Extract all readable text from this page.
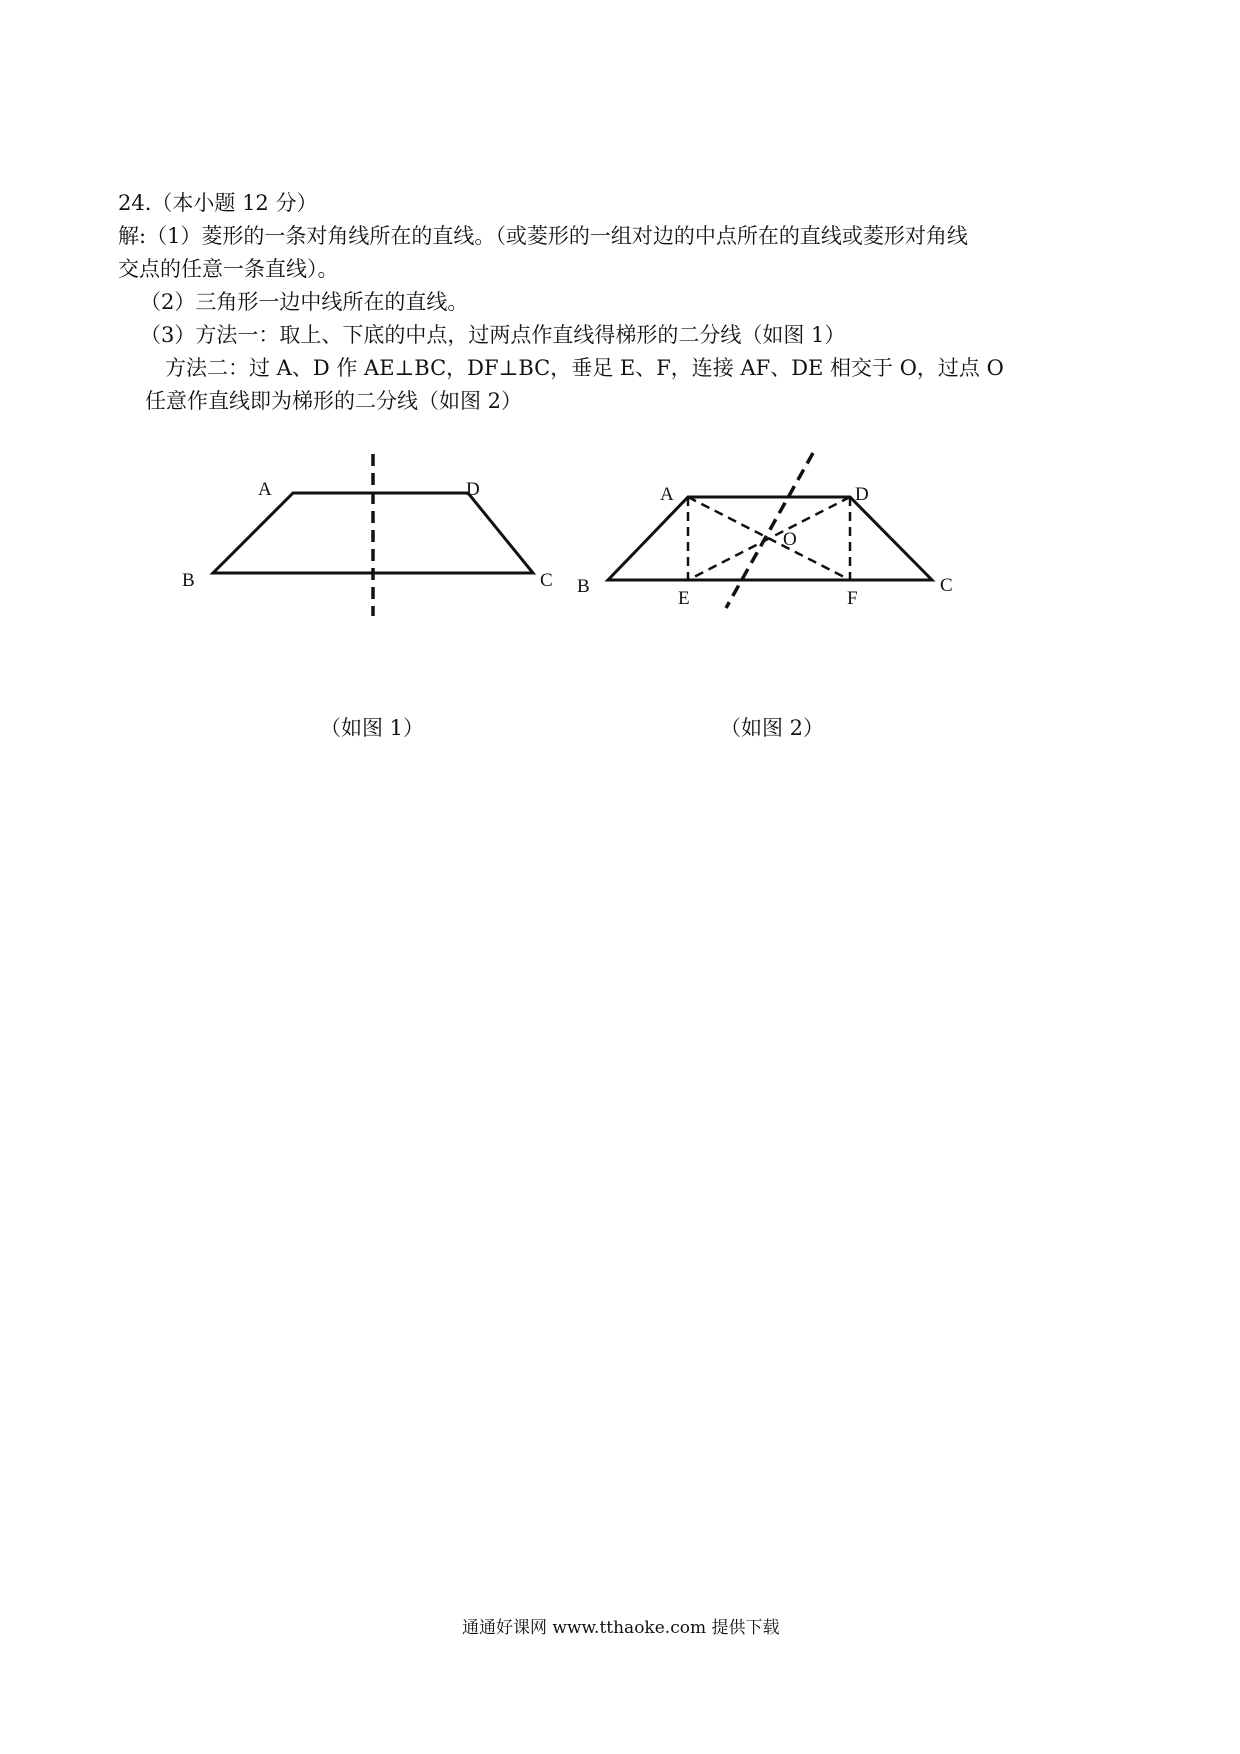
24.（本小题 12 分）
解:（1）菱形的一条对角线所在的直线。（或菱形的一组对边的中点所在的直线或菱形对角线
交点的任意一条直线）。
（2）三角形一边中线所在的直线。
（3）方法一：取上、下底的中点，过两点作直线得梯形的二分线（如图 1）
方法二：过 A、D 作 AE⊥BC，DF⊥BC，垂足 E、F，连接 AF、DE 相交于 O，过点 O
任意作直线即为梯形的二分线（如图 2）
A	D
B	C
A	D
B	C
E	F
O
（如图 1）	（如图 2）
通通好课网 www.tthaoke.com 提供下载
